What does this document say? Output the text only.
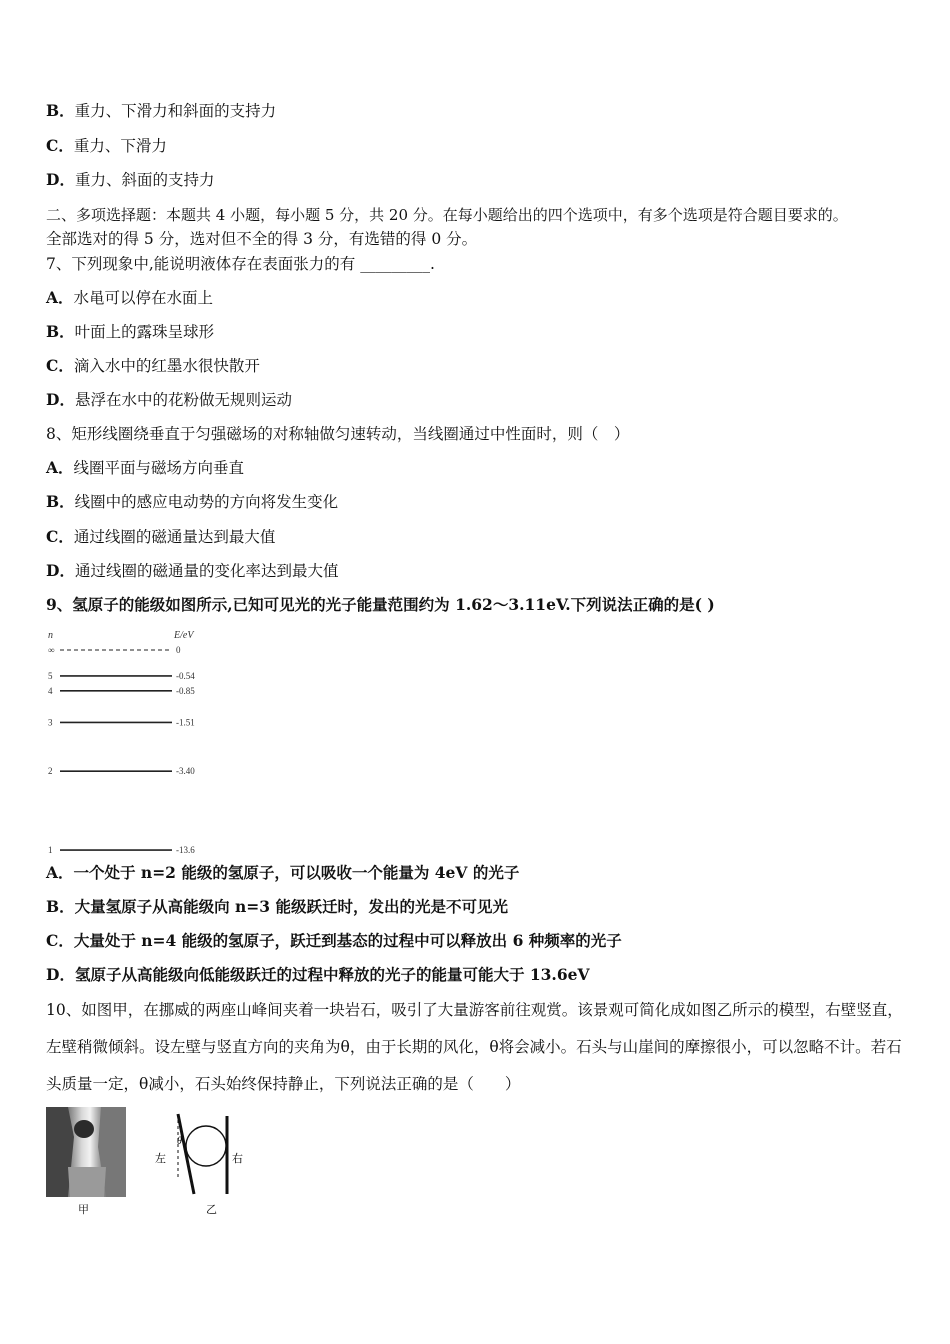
B．重力、下滑力和斜面的支持力
C．重力、下滑力
D．重力、斜面的支持力
二、多项选择题：本题共 4 小题，每小题 5 分，共 20 分。在每小题给出的四个选项中，有多个选项是符合题目要求的。
全部选对的得 5 分，选对但不全的得 3 分，有选错的得 0 分。
7、下列现象中,能说明液体存在表面张力的有 _________.
A．水黾可以停在水面上
B．叶面上的露珠呈球形
C．滴入水中的红墨水很快散开
D．悬浮在水中的花粉做无规则运动
8、矩形线圈绕垂直于匀强磁场的对称轴做匀速转动，当线圈通过中性面时，则（　）
A．线圈平面与磁场方向垂直
B．线圈中的感应电动势的方向将发生变化
C．通过线圈的磁通量达到最大值
D．通过线圈的磁通量的变化率达到最大值
9、氢原子的能级如图所示,已知可见光的光子能量范围约为 1.62～3.11eV.下列说法正确的是( )
n	E/eV
∞	0
5	-0.54
4	-0.85
3	-1.51
2	-3.40
1	-13.6
A．一个处于 n=2 能级的氢原子，可以吸收一个能量为 4eV 的光子
B．大量氢原子从高能级向 n=3 能级跃迁时，发出的光是不可见光
C．大量处于 n=4 能级的氢原子，跃迁到基态的过程中可以释放出 6 种频率的光子
D．氢原子从高能级向低能级跃迁的过程中释放的光子的能量可能大于 13.6eV
10、如图甲，在挪威的两座山峰间夹着一块岩石，吸引了大量游客前往观赏。该景观可简化成如图乙所示的模型，右壁竖直，左壁稍微倾斜。设左壁与竖直方向的夹角为θ，由于长期的风化，θ将会减小。石头与山崖间的摩擦很小，可以忽略不计。若石头质量一定，θ减小，石头始终保持静止，下列说法正确的是（　　）
甲
θ
左	右
乙
